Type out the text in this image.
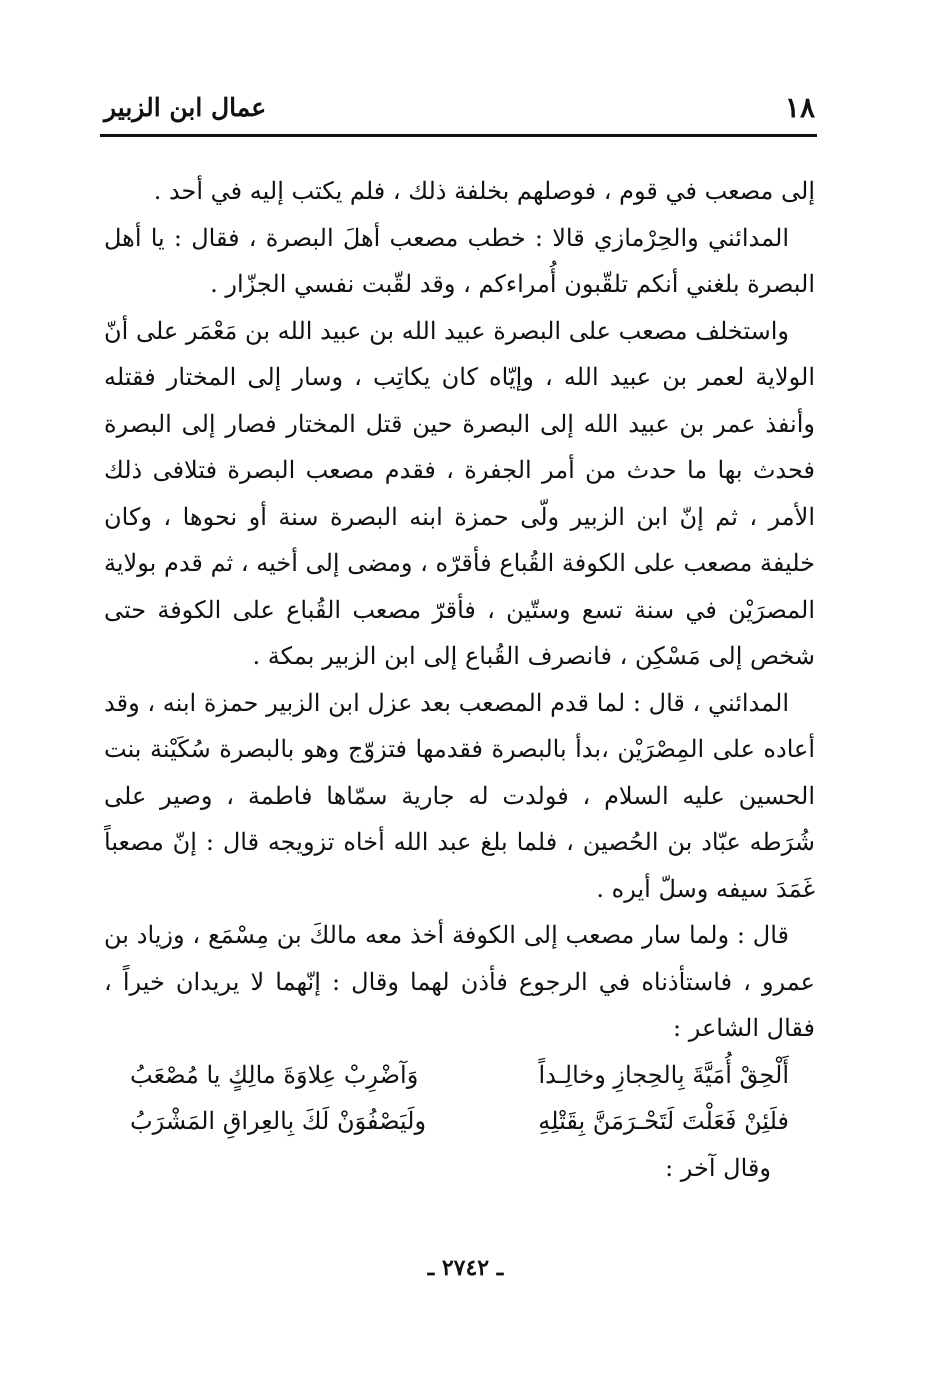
١٨
عمال ابن الزبير

إلى مصعب في قوم ، فوصلهم بخلفة ذلك ، فلم يكتب إليه في أحد .

المدائني والحِرْمازي قالا : خطب مصعب أهلَ البصرة ، فقال : يا أهل البصرة بلغني أنكم تلقّبون أُمراءكم ، وقد لقّبت نفسي الجزّار .

واستخلف مصعب على البصرة عبيد الله بن عبيد الله بن مَعْمَر على أنّ الولاية لعمر بن عبيد الله ، وإيّاه كان يكاتِب ، وسار إلى المختار فقتله وأنفذ عمر بن عبيد الله إلى البصرة حين قتل المختار فصار إلى البصرة فحدث بها ما حدث من أمر الجفرة ، فقدم مصعب البصرة فتلافى ذلك الأمر ، ثم إنّ ابن الزبير ولّى حمزة ابنه البصرة سنة أو نحوها ، وكان خليفة مصعب على الكوفة القُباع فأقرّه ، ومضى إلى أخيه ، ثم قدم بولاية المصرَيْن في سنة تسع وستّين ، فأقرّ مصعب القُباع على الكوفة حتى شخص إلى مَسْكِن ، فانصرف القُباع إلى ابن الزبير بمكة .

المدائني ، قال : لما قدم المصعب بعد عزل ابن الزبير حمزة ابنه ، وقد أعاده على المِصْرَيْن ،بدأ بالبصرة فقدمها فتزوّج وهو بالبصرة سُكَيْنة بنت الحسين عليه السلام ، فولدت له جارية سمّاها فاطمة ، وصير على شُرَطه عبّاد بن الحُصين ، فلما بلغ عبد الله أخاه تزويجه قال : إنّ مصعباً غَمَدَ سيفه وسلّ أيره .

قال : ولما سار مصعب إلى الكوفة أخذ معه مالكَ بن مِسْمَع ، وزياد بن عمرو ، فاستأذناه في الرجوع فأذن لهما وقال : إنّهما لا يريدان خيراً ، فقال الشاعر :

أَلْحِقْ أُمَيَّةَ بِالحِجازِ وخالِـداً
وَآضْرِبْ عِلاوَةَ مالِكٍ يا مُصْعَبُ
فلَئِنْ فَعَلْتَ لَتَحْـرَمَنَّ بِقَتْلِهِ
ولَيَصْفُوَنْ لَكَ بِالعِراقِ المَشْرَبُ

وقال آخر :

ـ ٢٧٤٢ ـ
